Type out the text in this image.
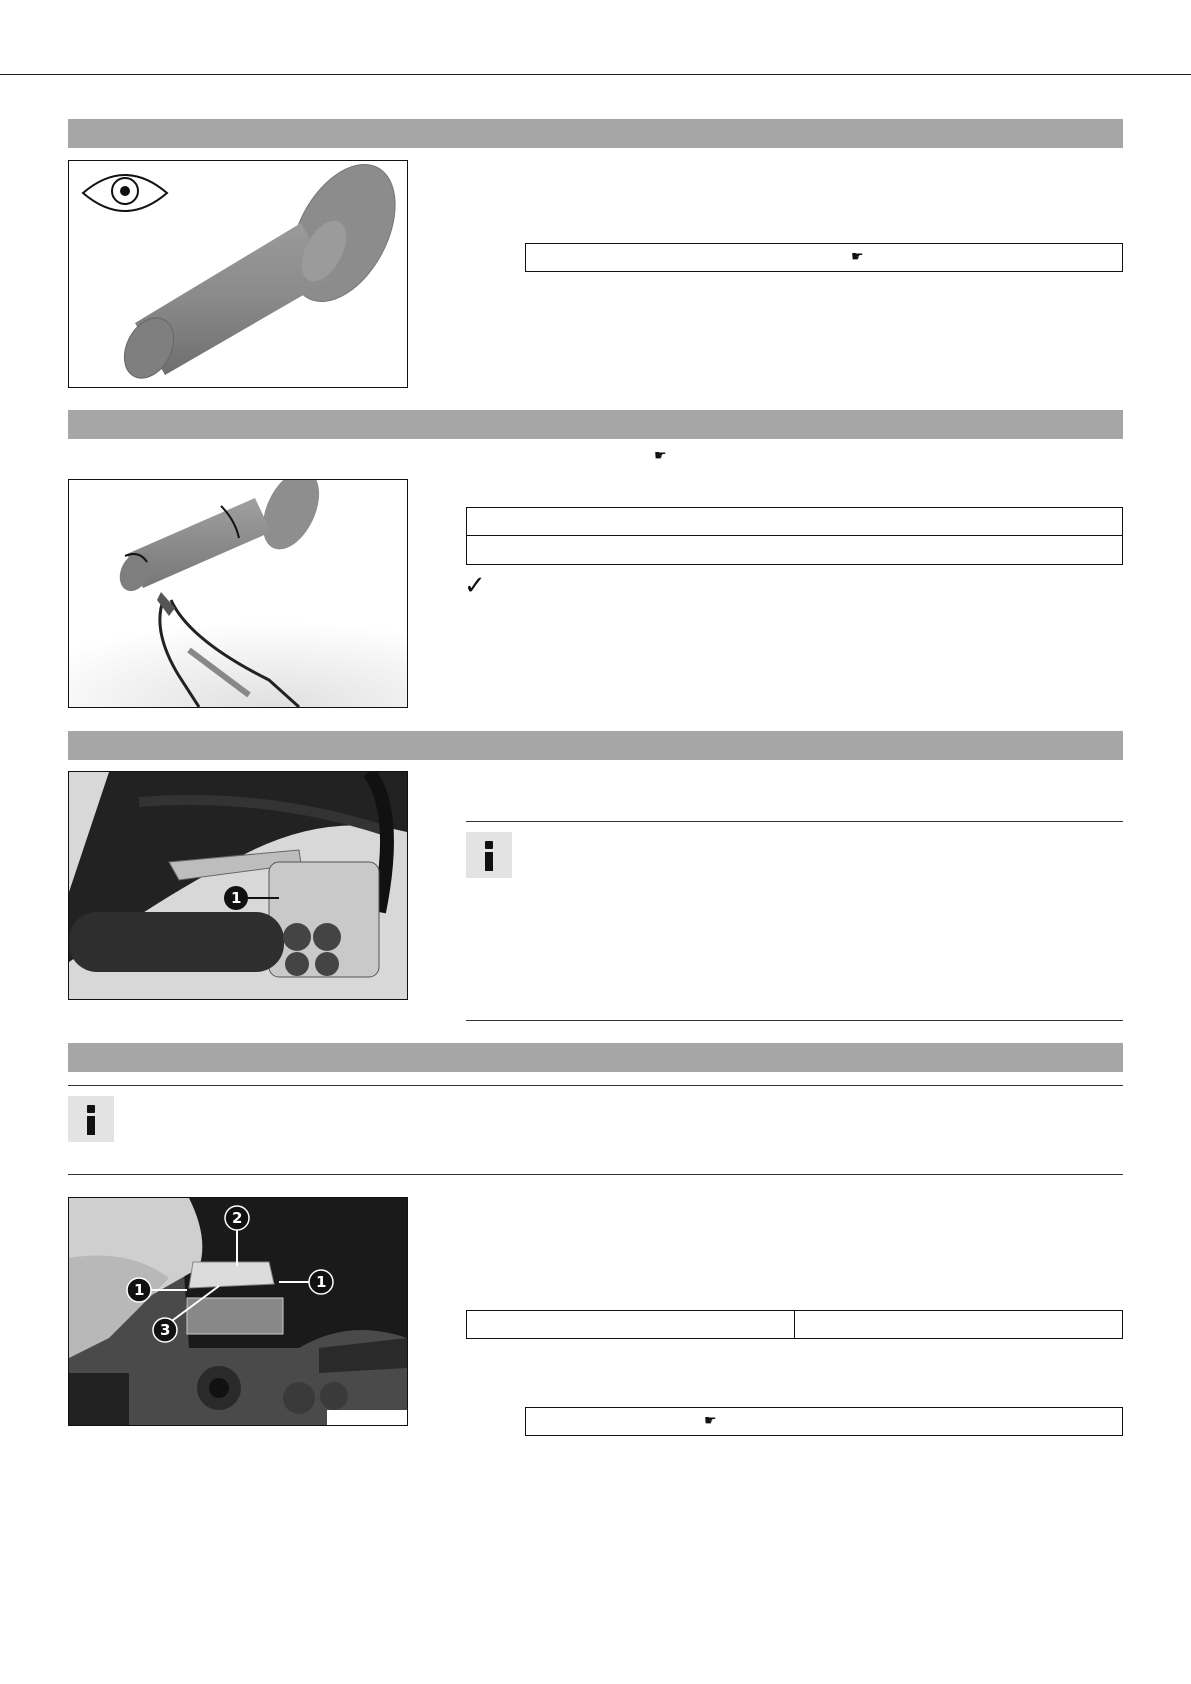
☛
☛
✓
1
2
1	1
3
☛
